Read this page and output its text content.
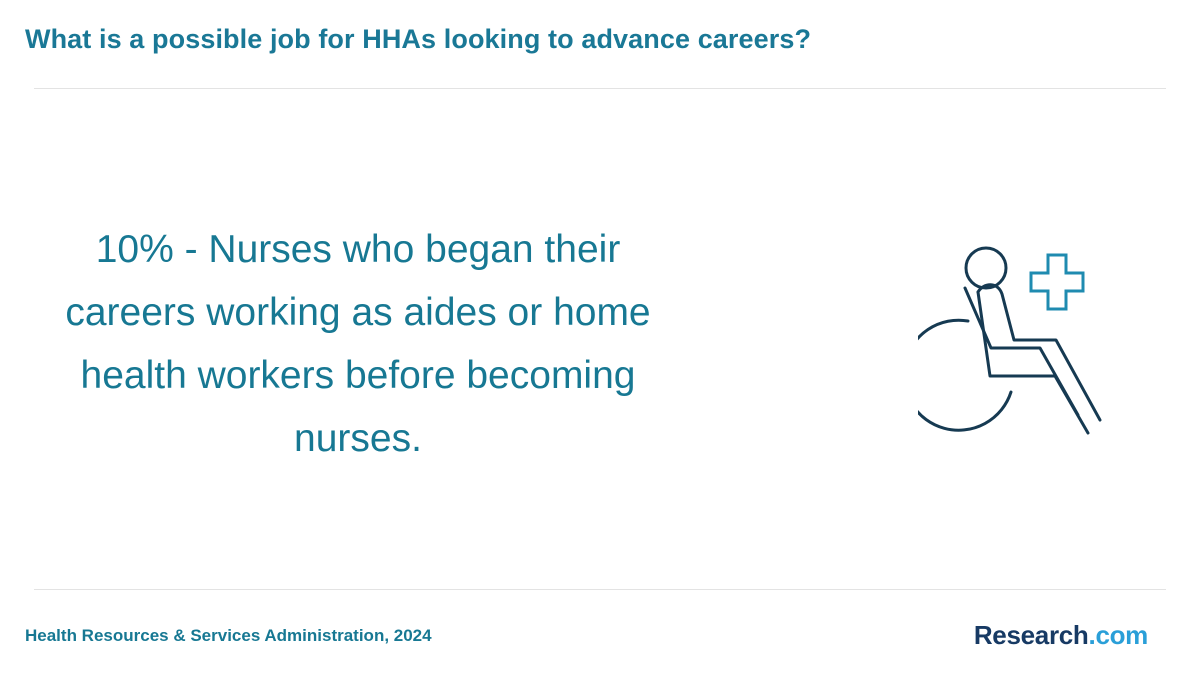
What is a possible job for HHAs looking to advance careers?

10% - Nurses who began their careers working as aides or home health workers before becoming nurses.

Health Resources & Services Administration, 2024	Research.com
